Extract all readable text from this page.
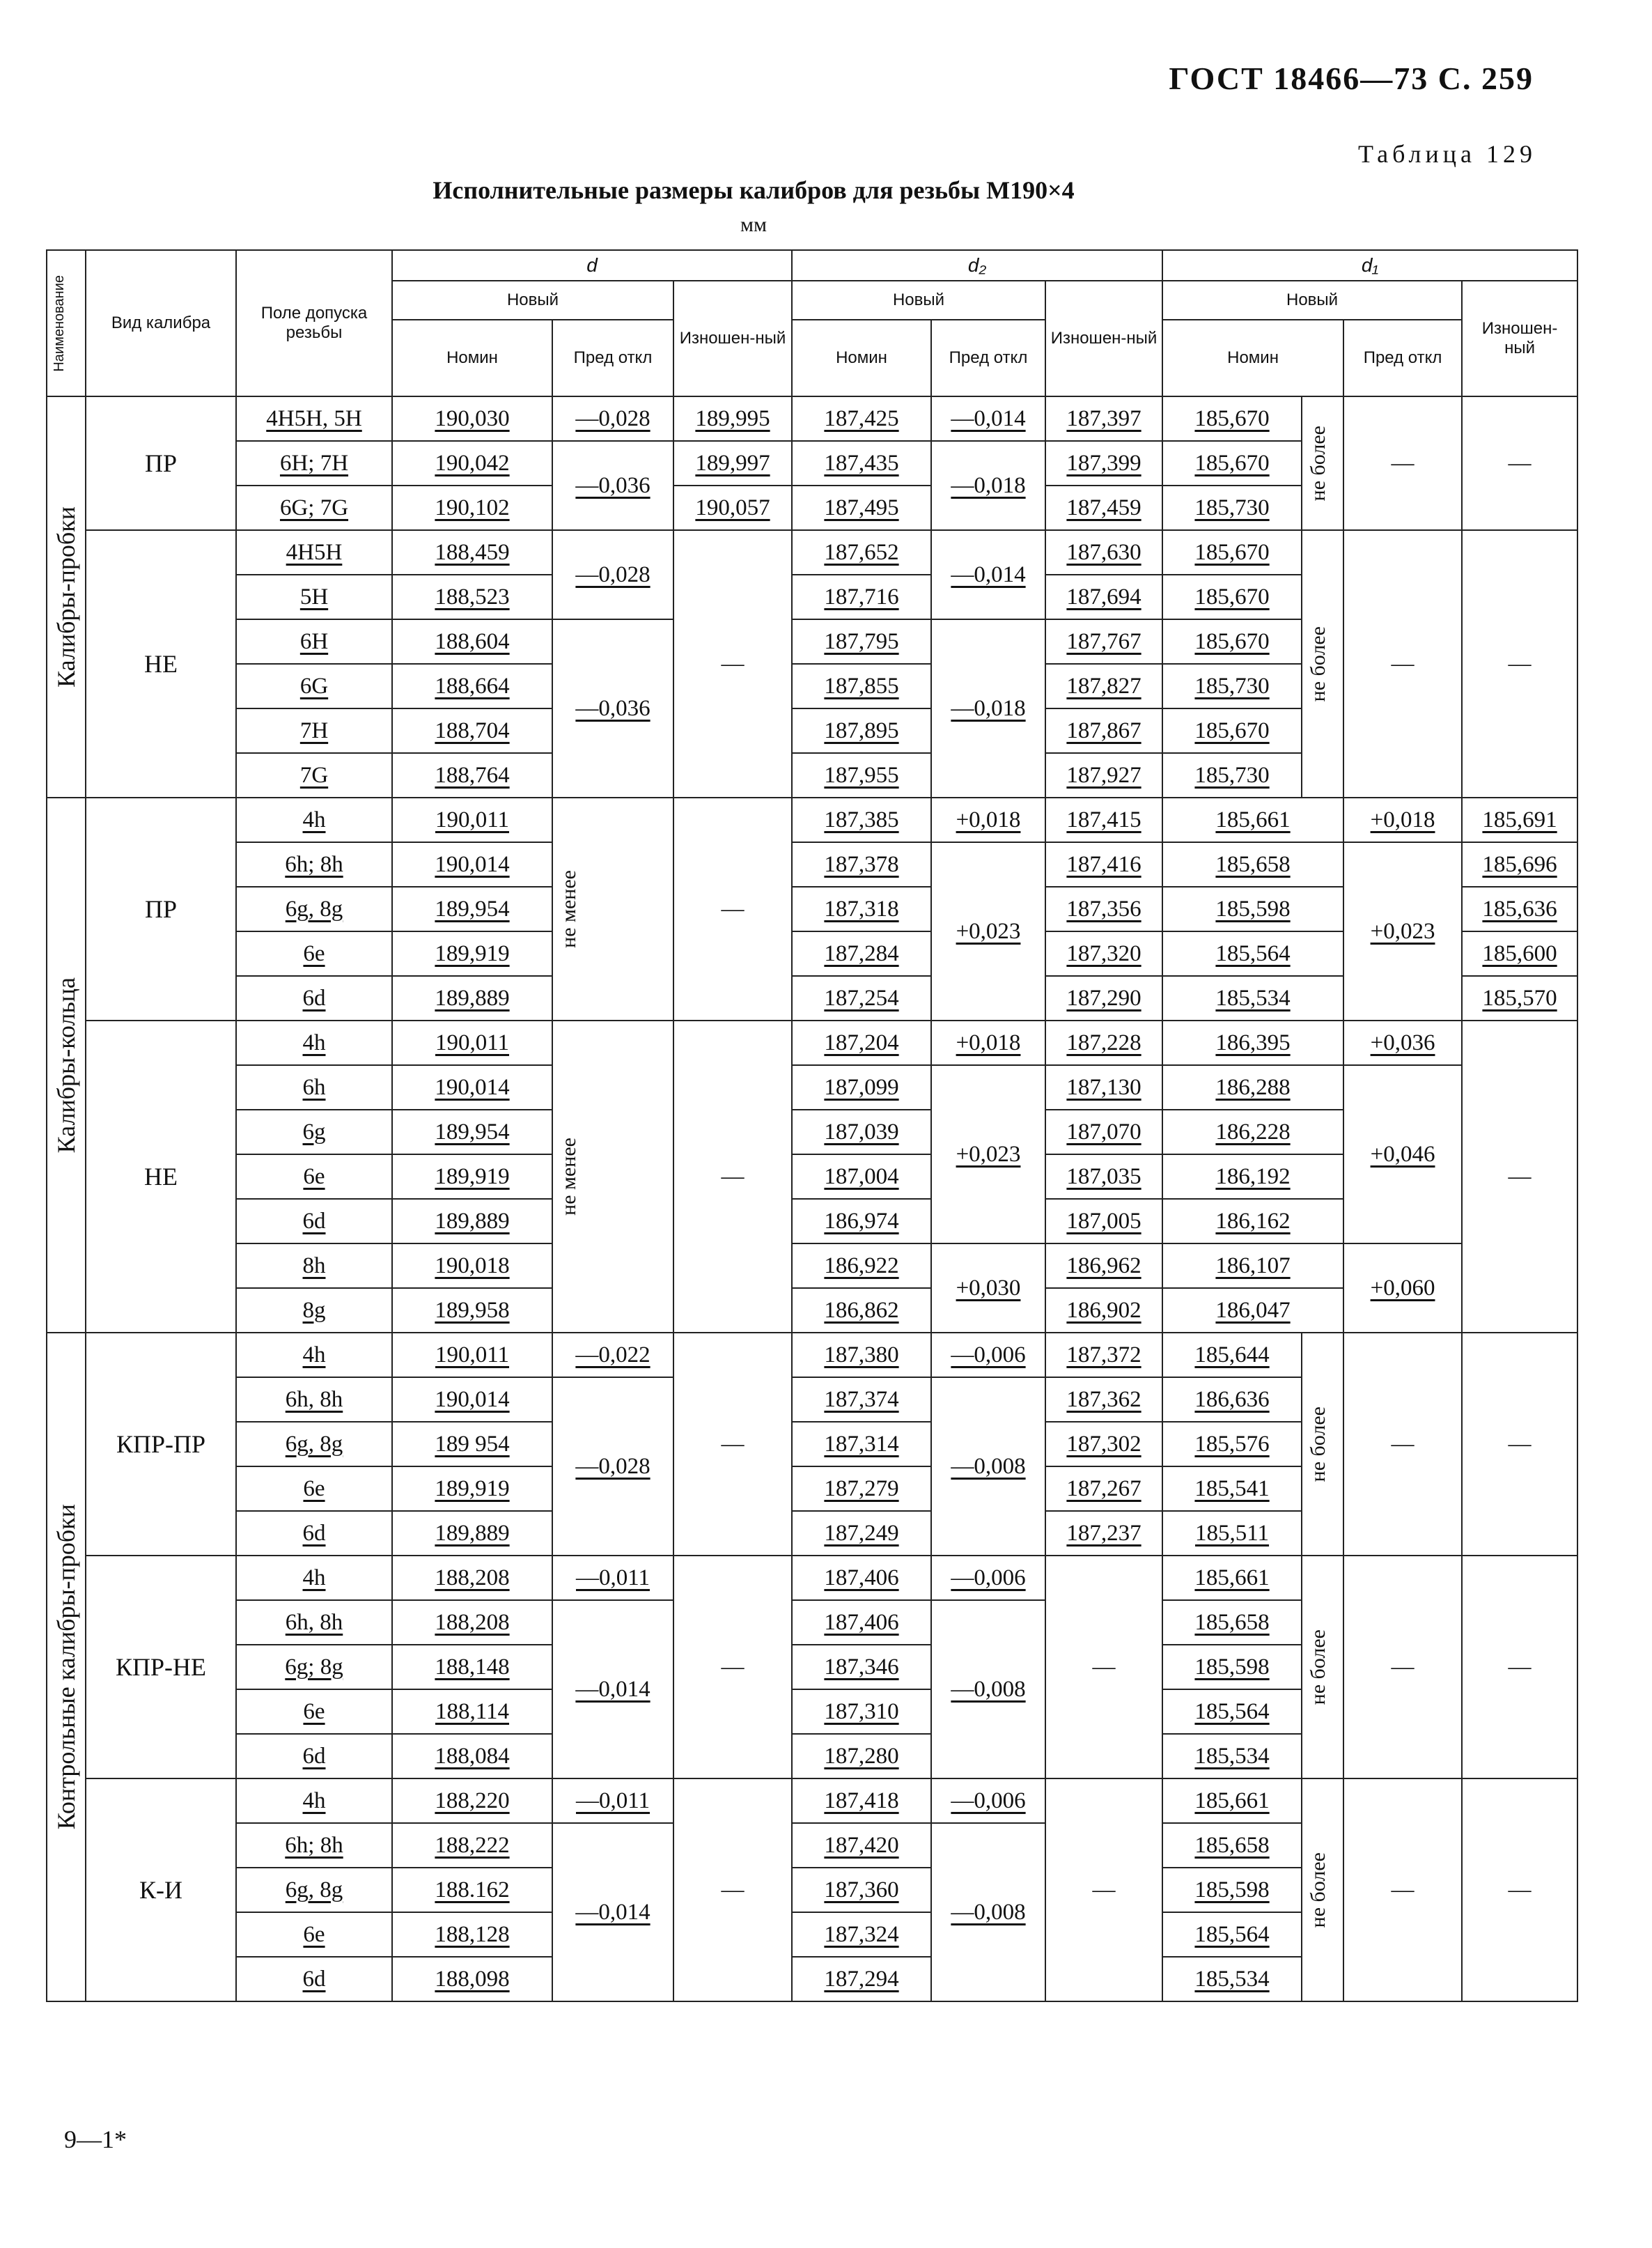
ГОСТ 18466—73 С. 259
Таблица 129
Исполнительные размеры калибров для резьбы М190×4
мм
Наименование	Вид калибра	Поле допуска резьбы	d			d₂			d₁			
			Новый		Изношен-ный	Новый		Изношен-ный	Новый			Изношен-ный
			Номин	Пред откл		Номин	Пред откл		Номин		Пред откл	

Калибры-пробки	ПР	4H5H, 5H	190,030	—0,028	189,995	187,425	—0,014	187,397	185,670	не более	—	—
		6H; 7H	190,042	—0,036	189,997	187,435	—0,018	187,399	185,670			
		6G; 7G	190,102		190,057	187,495		187,459	185,730			
	НЕ	4H5H	188,459	—0,028	—	187,652	—0,014	187,630	185,670	не более	—	—
		5H	188,523			187,716		187,694	185,670			
		6H	188,604	—0,036		187,795	—0,018	187,767	185,670			
		6G	188,664			187,855		187,827	185,730			
		7H	188,704			187,895		187,867	185,670			
		7G	188,764			187,955		187,927	185,730			

Калибры-кольца	ПР	4h	190,011	не менее	—	187,385	+0,018	187,415	185,661		+0,018	185,691
		6h; 8h	190,014			187,378	+0,023	187,416	185,658		+0,023	185,696
		6g, 8g	189,954			187,318		187,356	185,598			185,636
		6e	189,919			187,284		187,320	185,564			185,600
		6d	189,889			187,254		187,290	185,534			185,570
	НЕ	4h	190,011	не менее	—	187,204	+0,018	187,228	186,395		+0,036	—
		6h	190,014			187,099	+0,023	187,130	186,288		+0,046	
		6g	189,954			187,039		187,070	186,228			
		6e	189,919			187,004		187,035	186,192			
		6d	189,889			186,974		187,005	186,162			
		8h	190,018			186,922	+0,030	186,962	186,107		+0,060	
		8g	189,958			186,862		186,902	186,047			

Контрольные калибры-пробки	КПР-ПР	4h	190,011	—0,022	—	187,380	—0,006	187,372	185,644	не более	—	—
		6h, 8h	190,014	—0,028		187,374	—0,008	187,362	186,636			
		6g, 8g	189 954			187,314		187,302	185,576			
		6e	189,919			187,279		187,267	185,541			
		6d	189,889			187,249		187,237	185,511			
	КПР-НЕ	4h	188,208	—0,011	—	187,406	—0,006	—	185,661	не более	—	—
		6h, 8h	188,208	—0,014		187,406	—0,008		185,658			
		6g; 8g	188,148			187,346			185,598			
		6e	188,114			187,310			185,564			
		6d	188,084			187,280			185,534			
	К-И	4h	188,220	—0,011	—	187,418	—0,006	—	185,661	не более	—	—
		6h; 8h	188,222	—0,014		187,420	—0,008		185,658			
		6g, 8g	188.162			187,360			185,598			
		6e	188,128			187,324			185,564			
		6d	188,098			187,294			185,534			
9—1*
